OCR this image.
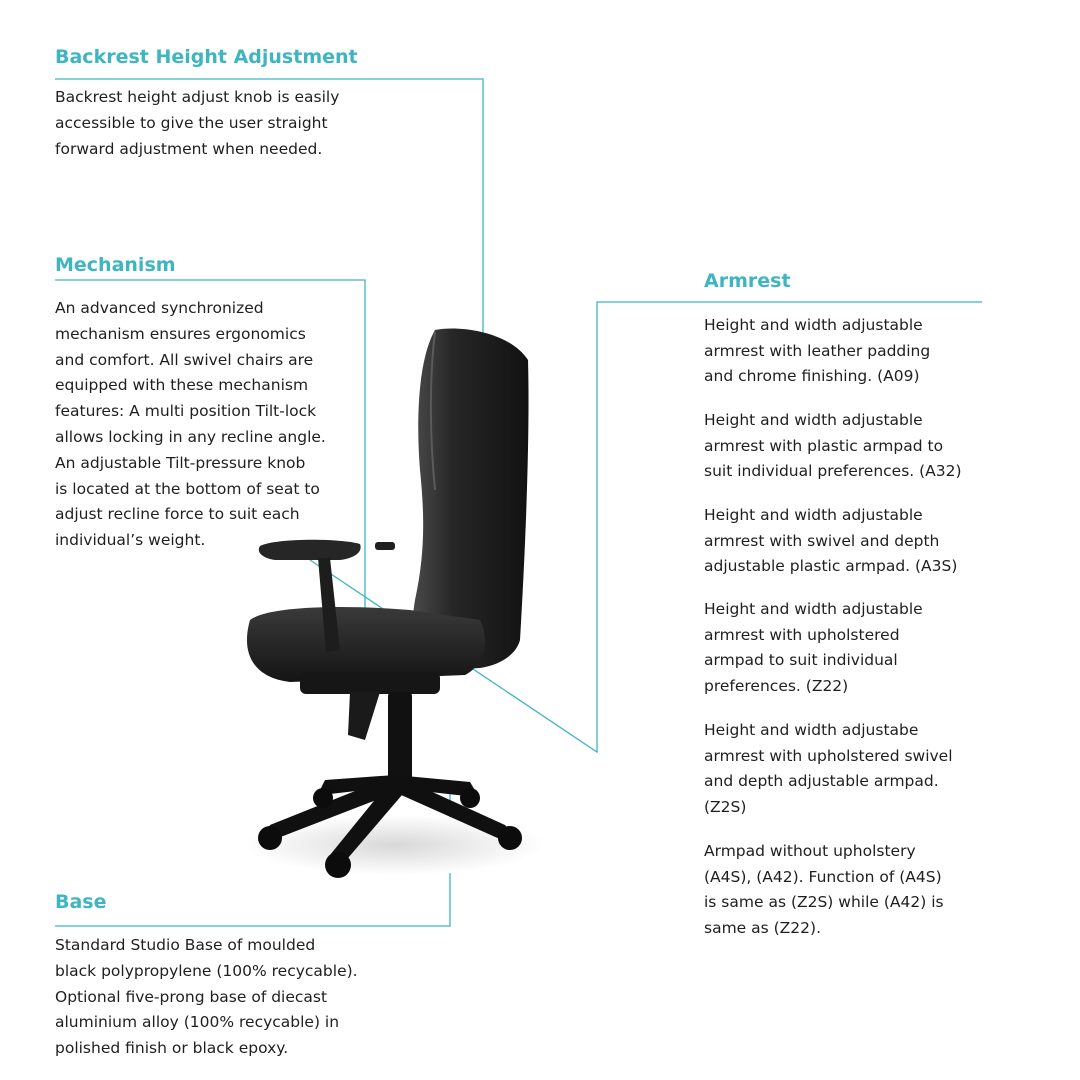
Backrest Height Adjustment
Backrest height adjust knob is easily
accessible to give the user straight
forward adjustment when needed.
Mechanism
An advanced synchronized
mechanism ensures ergonomics
and comfort. All swivel chairs are
equipped with these mechanism
features: A multi position Tilt-lock
allows locking in any recline angle.
An adjustable Tilt-pressure knob
is located at the bottom of seat to
adjust recline force to suit each
individual’s weight.
Base
Standard Studio Base of moulded
black polypropylene (100% recycable).
Optional five-prong base of diecast
aluminium alloy (100% recycable) in
polished finish or black epoxy.
Armrest
Height and width adjustable
armrest with leather padding
and chrome finishing. (A09)
Height and width adjustable
armrest with plastic armpad to
suit individual preferences. (A32)
Height and width adjustable
armrest with swivel and depth
adjustable plastic armpad. (A3S)
Height and width adjustable
armrest with upholstered
armpad to suit individual
preferences. (Z22)
Height and width adjustabe
armrest with upholstered swivel
and depth adjustable armpad.
(Z2S)
Armpad without upholstery
(A4S), (A42). Function of (A4S)
is same as (Z2S) while (A42) is
same as (Z22).
